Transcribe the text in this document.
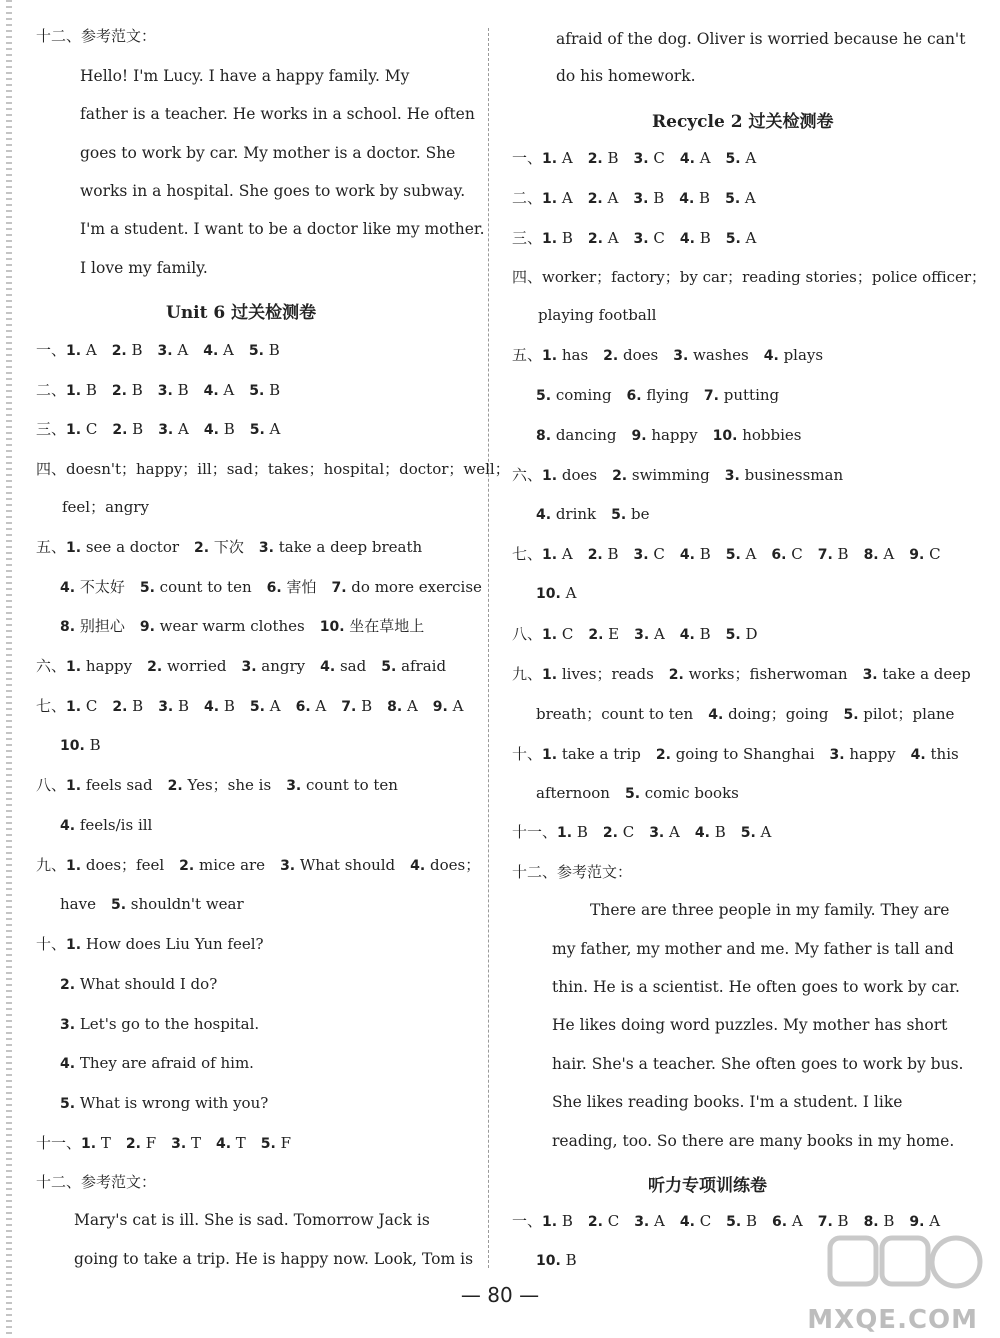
十二、参考范文：
Hello! I'm Lucy. I have a happy family. My
father is a teacher. He works in a school. He often
goes to work by car. My mother is a doctor. She
works in a hospital. She goes to work by subway.
I'm a student. I want to be a doctor like my mother.
I love my family.
Unit 6 过关检测卷
一、1. A  2. B  3. A  4. A  5. B
二、1. B  2. B  3. B  4. A  5. B
三、1. C  2. B  3. A  4. B  5. A
四、doesn't；happy；ill；sad；takes；hospital；doctor；well；
feel；angry
五、1. see a doctor  2. 下次  3. take a deep breath
4. 不太好  5. count to ten  6. 害怕  7. do more exercise
8. 别担心  9. wear warm clothes  10. 坐在草地上
六、1. happy  2. worried  3. angry  4. sad  5. afraid
七、1. C  2. B  3. B  4. B  5. A  6. A  7. B  8. A  9. A
10. B
八、1. feels sad  2. Yes；she is  3. count to ten
4. feels/is ill
九、1. does；feel  2. mice are  3. What should  4. does；
have  5. shouldn't wear
十、1. How does Liu Yun feel?
2. What should I do?
3. Let's go to the hospital.
4. They are afraid of him.
5. What is wrong with you?
十一、1. T  2. F  3. T  4. T  5. F
十二、参考范文：
Mary's cat is ill. She is sad. Tomorrow Jack is
going to take a trip. He is happy now. Look, Tom is
afraid of the dog. Oliver is worried because he can't
do his homework.
Recycle 2 过关检测卷
一、1. A  2. B  3. C  4. A  5. A
二、1. A  2. A  3. B  4. B  5. A
三、1. B  2. A  3. C  4. B  5. A
四、worker；factory；by car；reading stories；police officer；
playing football
五、1. has  2. does  3. washes  4. plays
5. coming  6. flying  7. putting
8. dancing  9. happy  10. hobbies
六、1. does  2. swimming  3. businessman
4. drink  5. be
七、1. A  2. B  3. C  4. B  5. A  6. C  7. B  8. A  9. C
10. A
八、1. C  2. E  3. A  4. B  5. D
九、1. lives；reads  2. works；fisherwoman  3. take a deep
breath；count to ten  4. doing；going  5. pilot；plane
十、1. take a trip  2. going to Shanghai  3. happy  4. this
afternoon  5. comic books
十一、1. B  2. C  3. A  4. B  5. A
十二、参考范文：
There are three people in my family. They are
my father, my mother and me. My father is tall and
thin. He is a scientist. He often goes to work by car.
He likes doing word puzzles. My mother has short
hair. She's a teacher. She often goes to work by bus.
She likes reading books. I'm a student. I like
reading, too. So there are many books in my home.
听力专项训练卷
一、1. B  2. C  3. A  4. C  5. B  6. A  7. B  8. B  9. A
10. B
— 80 —
MXQE.COM
